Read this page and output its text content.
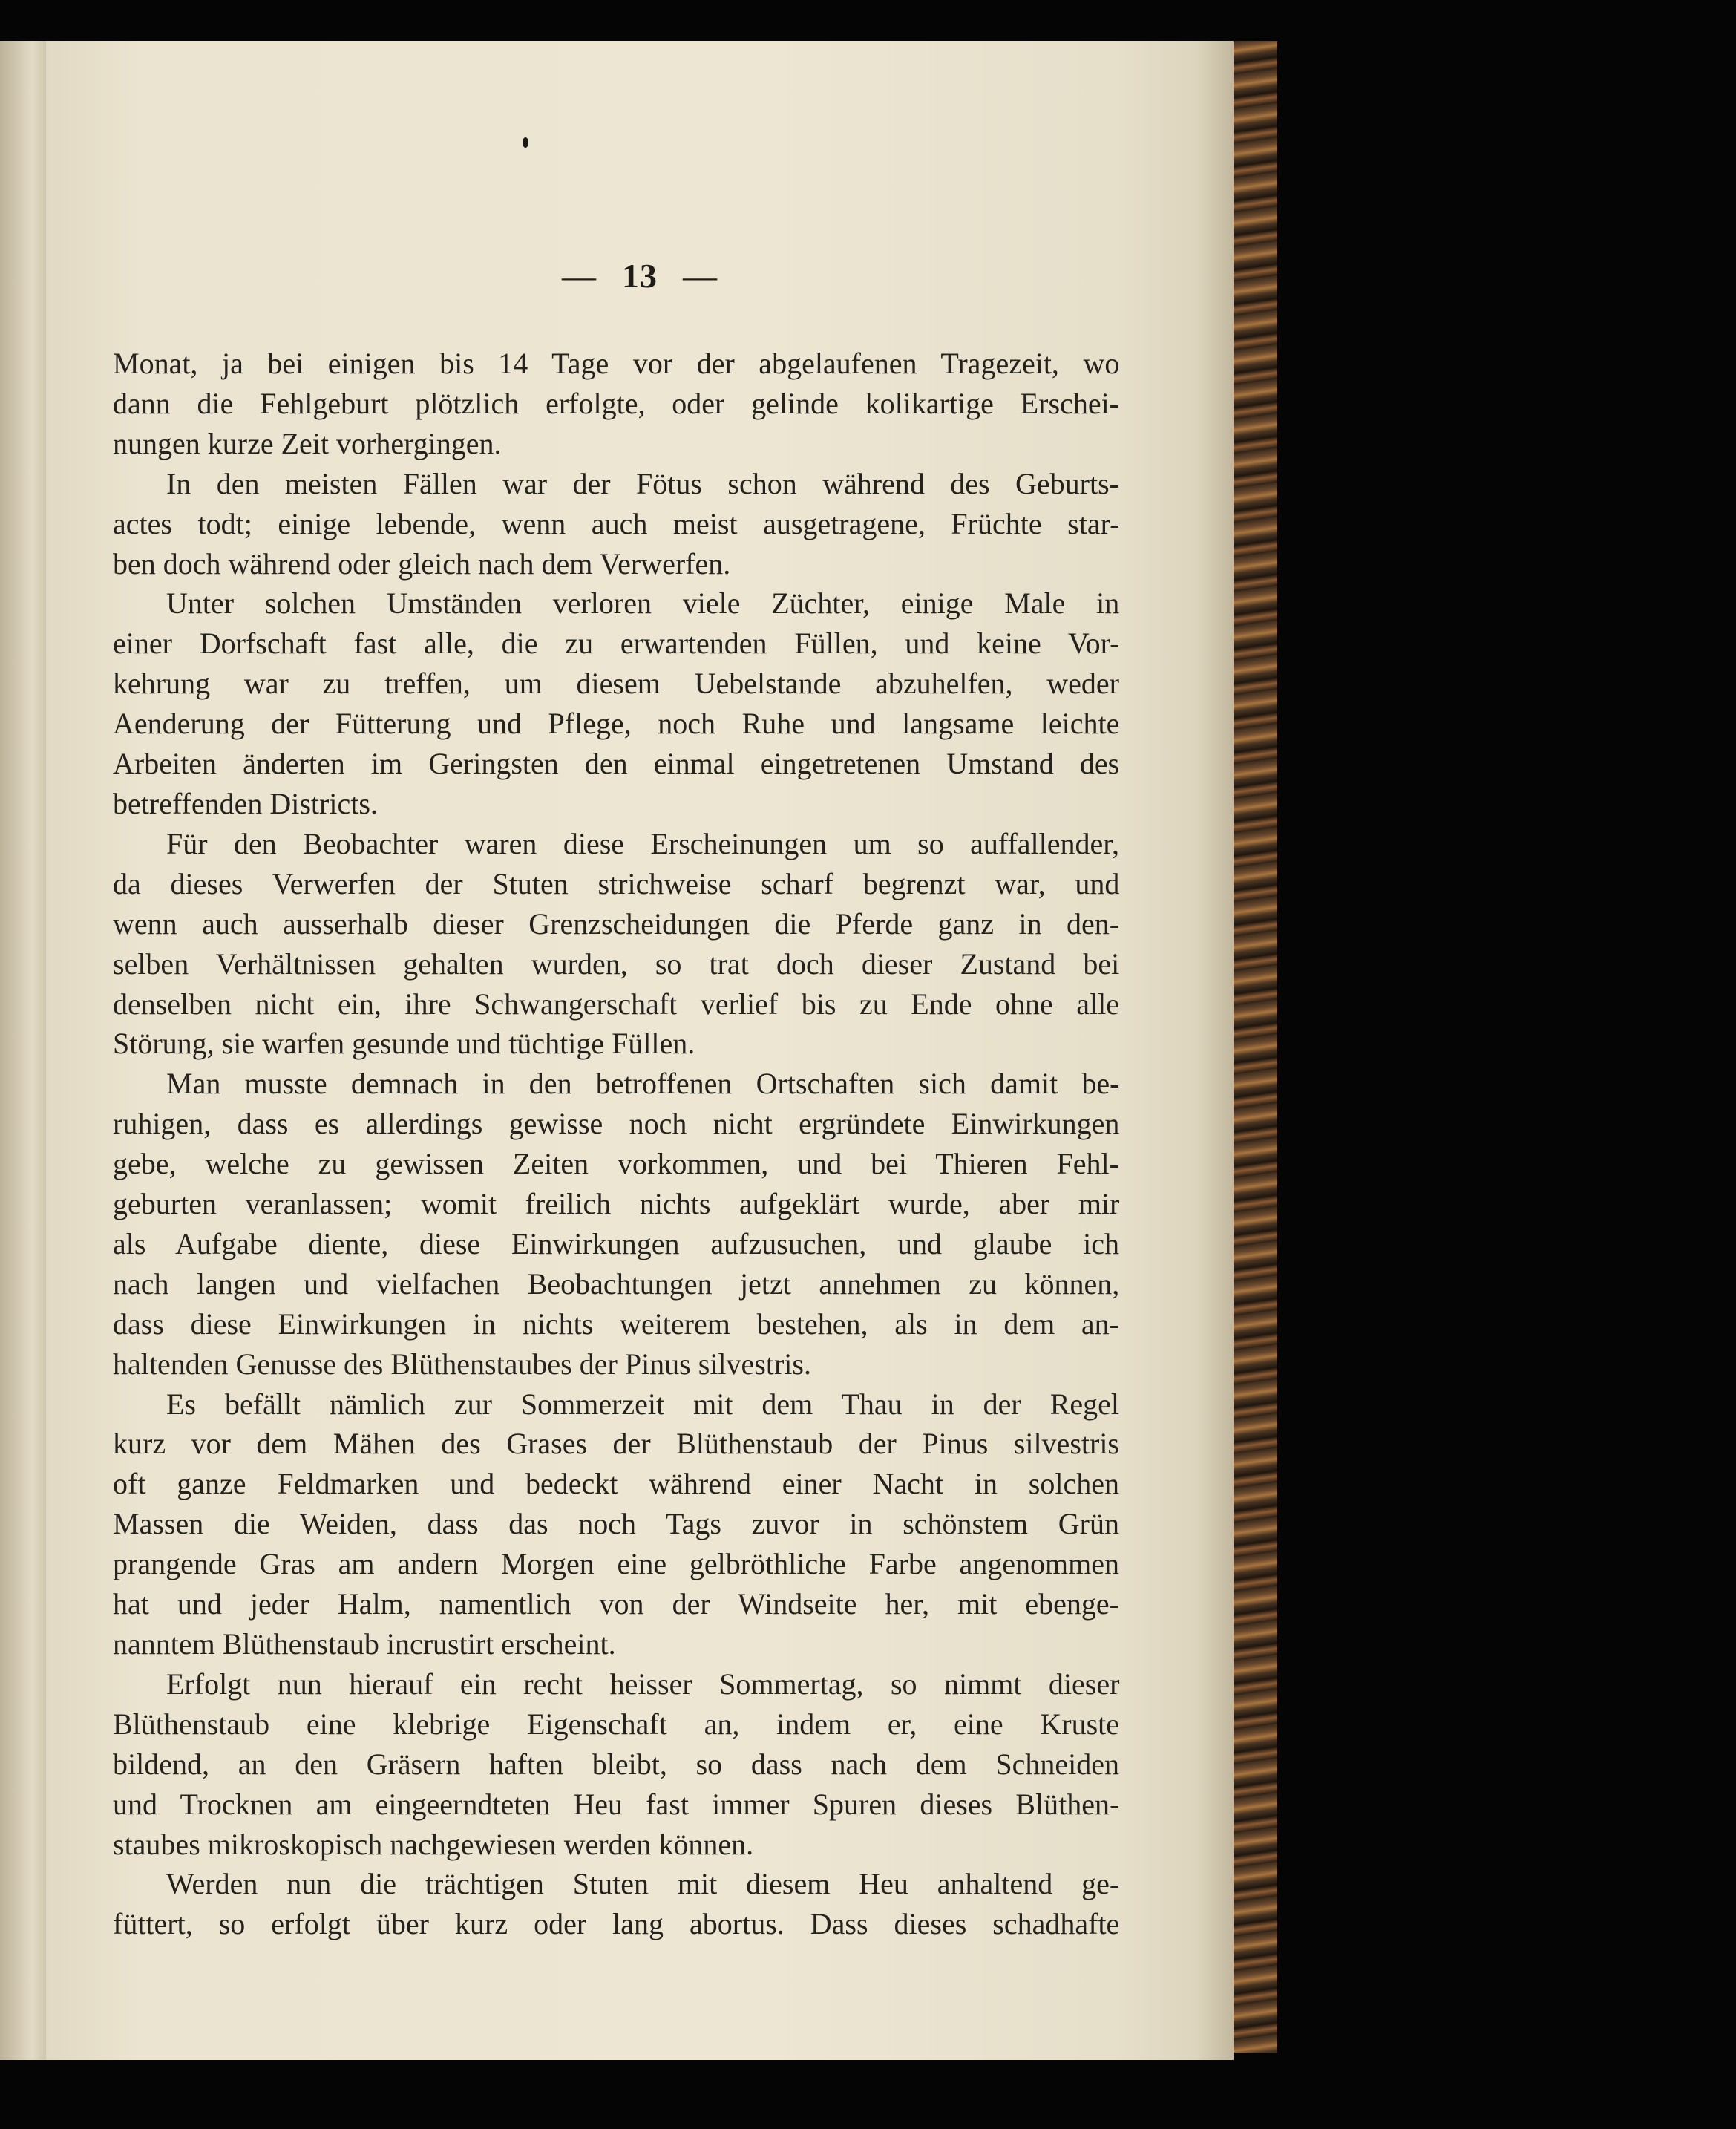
— 13 —
Monat, ja bei einigen bis 14 Tage vor der abgelaufenen Tragezeit, wo
dann die Fehlgeburt plötzlich erfolgte, oder gelinde kolikartige Erschei-
nungen kurze Zeit vorhergingen.
In den meisten Fällen war der Fötus schon während des Geburts-
actes todt; einige lebende, wenn auch meist ausgetragene, Früchte star-
ben doch während oder gleich nach dem Verwerfen.
Unter solchen Umständen verloren viele Züchter, einige Male in
einer Dorfschaft fast alle, die zu erwartenden Füllen, und keine Vor-
kehrung war zu treffen, um diesem Uebelstande abzuhelfen, weder
Aenderung der Fütterung und Pflege, noch Ruhe und langsame leichte
Arbeiten änderten im Geringsten den einmal eingetretenen Umstand des
betreffenden Districts.
Für den Beobachter waren diese Erscheinungen um so auffallender,
da dieses Verwerfen der Stuten strichweise scharf begrenzt war, und
wenn auch ausserhalb dieser Grenzscheidungen die Pferde ganz in den-
selben Verhältnissen gehalten wurden, so trat doch dieser Zustand bei
denselben nicht ein, ihre Schwangerschaft verlief bis zu Ende ohne alle
Störung, sie warfen gesunde und tüchtige Füllen.
Man musste demnach in den betroffenen Ortschaften sich damit be-
ruhigen, dass es allerdings gewisse noch nicht ergründete Einwirkungen
gebe, welche zu gewissen Zeiten vorkommen, und bei Thieren Fehl-
geburten veranlassen; womit freilich nichts aufgeklärt wurde, aber mir
als Aufgabe diente, diese Einwirkungen aufzusuchen, und glaube ich
nach langen und vielfachen Beobachtungen jetzt annehmen zu können,
dass diese Einwirkungen in nichts weiterem bestehen, als in dem an-
haltenden Genusse des Blüthenstaubes der Pinus silvestris.
Es befällt nämlich zur Sommerzeit mit dem Thau in der Regel
kurz vor dem Mähen des Grases der Blüthenstaub der Pinus silvestris
oft ganze Feldmarken und bedeckt während einer Nacht in solchen
Massen die Weiden, dass das noch Tags zuvor in schönstem Grün
prangende Gras am andern Morgen eine gelbröthliche Farbe angenommen
hat und jeder Halm, namentlich von der Windseite her, mit ebenge-
nanntem Blüthenstaub incrustirt erscheint.
Erfolgt nun hierauf ein recht heisser Sommertag, so nimmt dieser
Blüthenstaub eine klebrige Eigenschaft an, indem er, eine Kruste
bildend, an den Gräsern haften bleibt, so dass nach dem Schneiden
und Trocknen am eingeerndteten Heu fast immer Spuren dieses Blüthen-
staubes mikroskopisch nachgewiesen werden können.
Werden nun die trächtigen Stuten mit diesem Heu anhaltend ge-
füttert, so erfolgt über kurz oder lang abortus. Dass dieses schadhafte
